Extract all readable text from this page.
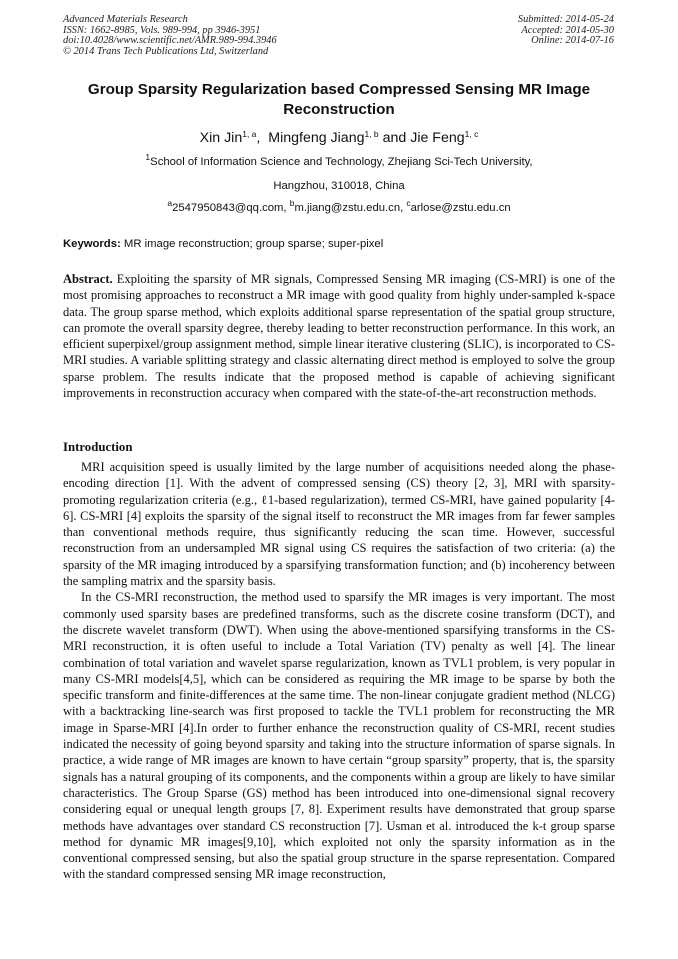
Advanced Materials Research
ISSN: 1662-8985, Vols. 989-994, pp 3946-3951
doi:10.4028/www.scientific.net/AMR.989-994.3946
© 2014 Trans Tech Publications Ltd, Switzerland
Submitted: 2014-05-24
Accepted: 2014-05-30
Online: 2014-07-16
Group Sparsity Regularization based Compressed Sensing MR Image Reconstruction
Xin Jin$^{1, a}$,  Mingfeng Jiang$^{1, b}$ and Jie Feng$^{1, c}$
$^1$School of Information Science and Technology, Zhejiang Sci-Tech University,
Hangzhou, 310018, China
$^a$2547950843@qq.com, $^b$m.jiang@zstu.edu.cn, $^c$arlose@zstu.edu.cn
Keywords: MR image reconstruction; group sparse; super-pixel
Abstract. Exploiting the sparsity of MR signals, Compressed Sensing MR imaging (CS-MRI) is one of the most promising approaches to reconstruct a MR image with good quality from highly under-sampled k-space data. The group sparse method, which exploits additional sparse representation of the spatial group structure, can promote the overall sparsity degree, thereby leading to better reconstruction performance. In this work, an efficient superpixel/group assignment method, simple linear iterative clustering (SLIC), is incorporated to CS-MRI studies. A variable splitting strategy and classic alternating direct method is employed to solve the group sparse problem. The results indicate that the proposed method is capable of achieving significant improvements in reconstruction accuracy when compared with the state-of-the-art reconstruction methods.
Introduction

MRI acquisition speed is usually limited by the large number of acquisitions needed along the phase-encoding direction [1]. With the advent of compressed sensing (CS) theory [2, 3], MRI with sparsity-promoting regularization criteria (e.g., ℓ1-based regularization), termed CS-MRI, have gained popularity [4-6]. CS-MRI [4] exploits the sparsity of the signal itself to reconstruct the MR images from far fewer samples than conventional methods require, thus significantly reducing the scan time. However, successful reconstruction from an undersampled MR signal using CS requires the satisfaction of two criteria: (a) the sparsity of the MR imaging introduced by a sparsifying transformation function; and (b) incoherency between the sampling matrix and the sparsity basis.

In the CS-MRI reconstruction, the method used to sparsify the MR images is very important. The most commonly used sparsity bases are predefined transforms, such as the discrete cosine transform (DCT), and the discrete wavelet transform (DWT). When using the above-mentioned sparsifying transforms in the CS-MRI reconstruction, it is often useful to include a Total Variation (TV) penalty as well [4]. The linear combination of total variation and wavelet sparse regularization, known as TVL1 problem, is very popular in many CS-MRI models[4,5], which can be considered as requiring the MR image to be sparse by both the specific transform and finite-differences at the same time. The non-linear conjugate gradient method (NLCG) with a backtracking line-search was first proposed to tackle the TVL1 problem for reconstructing the MR image in Sparse-MRI [4].In order to further enhance the reconstruction quality of CS-MRI, recent studies indicated the necessity of going beyond sparsity and taking into the structure information of sparse signals. In practice, a wide range of MR images are known to have certain “group sparsity” property, that is, the sparsity signals has a natural grouping of its components, and the components within a group are likely to have similar characteristics. The Group Sparse (GS) method has been introduced into one-dimensional signal recovery considering equal or unequal length groups [7, 8]. Experiment results have demonstrated that group sparse methods have advantages over standard CS reconstruction [7]. Usman et al. introduced the k-t group sparse method for dynamic MR images[9,10], which exploited not only the sparsity information as in the conventional compressed sensing, but also the spatial group structure in the sparse representation. Compared with the standard compressed sensing MR image reconstruction,
